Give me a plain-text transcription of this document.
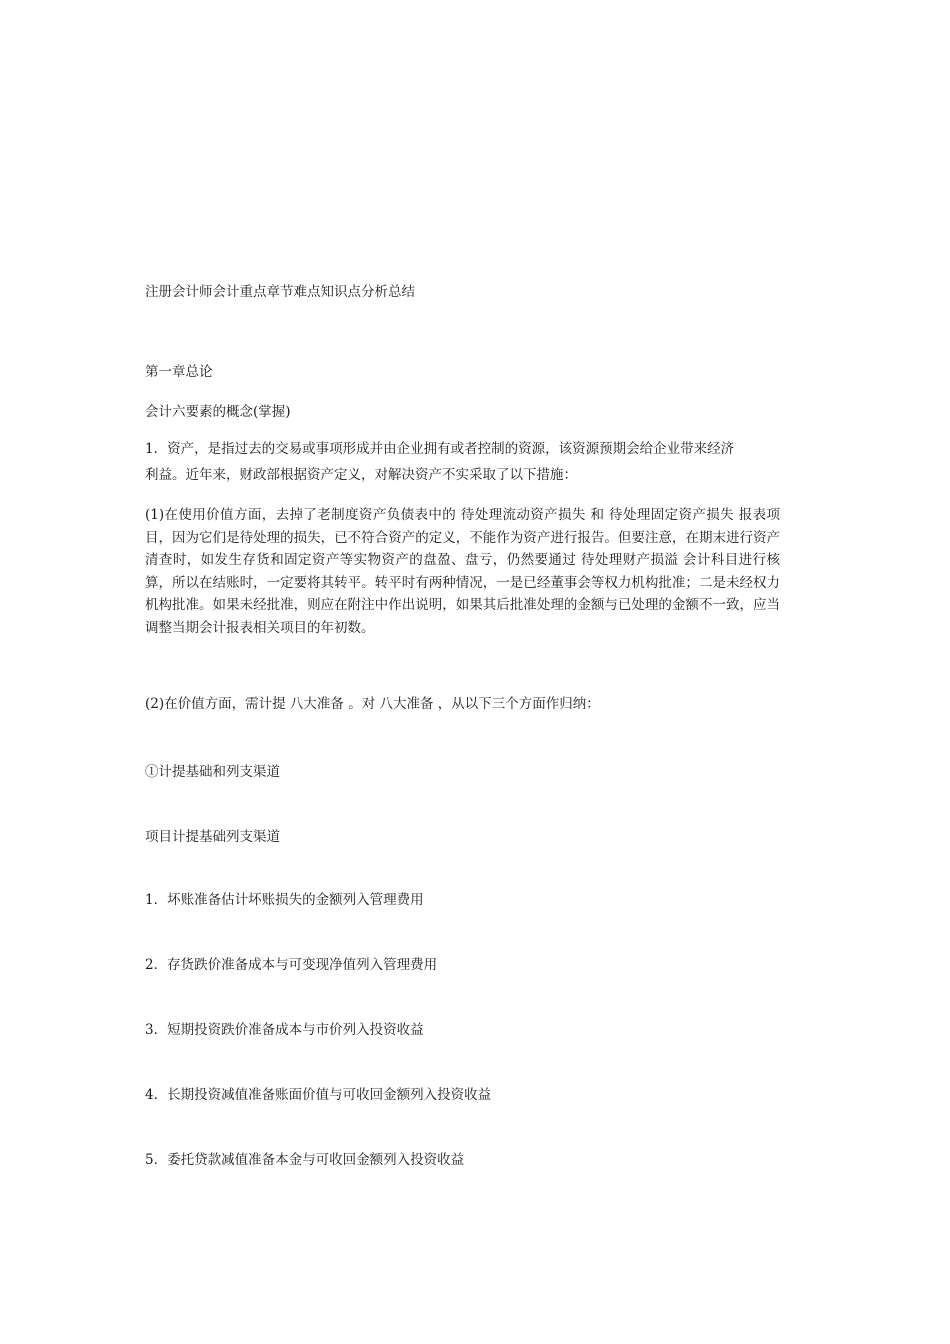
注册会计师会计重点章节难点知识点分析总结
第一章总论
会计六要素的概念(掌握)
1．资产，是指过去的交易或事项形成并由企业拥有或者控制的资源，该资源预期会给企业带来经济
利益。近年来，财政部根据资产定义，对解决资产不实采取了以下措施：
(1)在使用价值方面，去掉了老制度资产负债表中的 待处理流动资产损失 和 待处理固定资产损失 报表项目，因为它们是待处理的损失，已不符合资产的定义，不能作为资产进行报告。但要注意，在期末进行资产清查时，如发生存货和固定资产等实物资产的盘盈、盘亏，仍然要通过 待处理财产损溢 会计科目进行核算，所以在结账时，一定要将其转平。转平时有两种情况，一是已经董事会等权力机构批准；二是未经权力机构批准。如果未经批准，则应在附注中作出说明，如果其后批准处理的金额与已处理的金额不一致，应当调整当期会计报表相关项目的年初数。
(2)在价值方面，需计提 八大准备 。对 八大准备 ，从以下三个方面作归纳：
①计提基础和列支渠道
项目计提基础列支渠道
1．坏账准备估计坏账损失的金额列入管理费用
2．存货跌价准备成本与可变现净值列入管理费用
3．短期投资跌价准备成本与市价列入投资收益
4．长期投资减值准备账面价值与可收回金额列入投资收益
5．委托贷款减值准备本金与可收回金额列入投资收益
